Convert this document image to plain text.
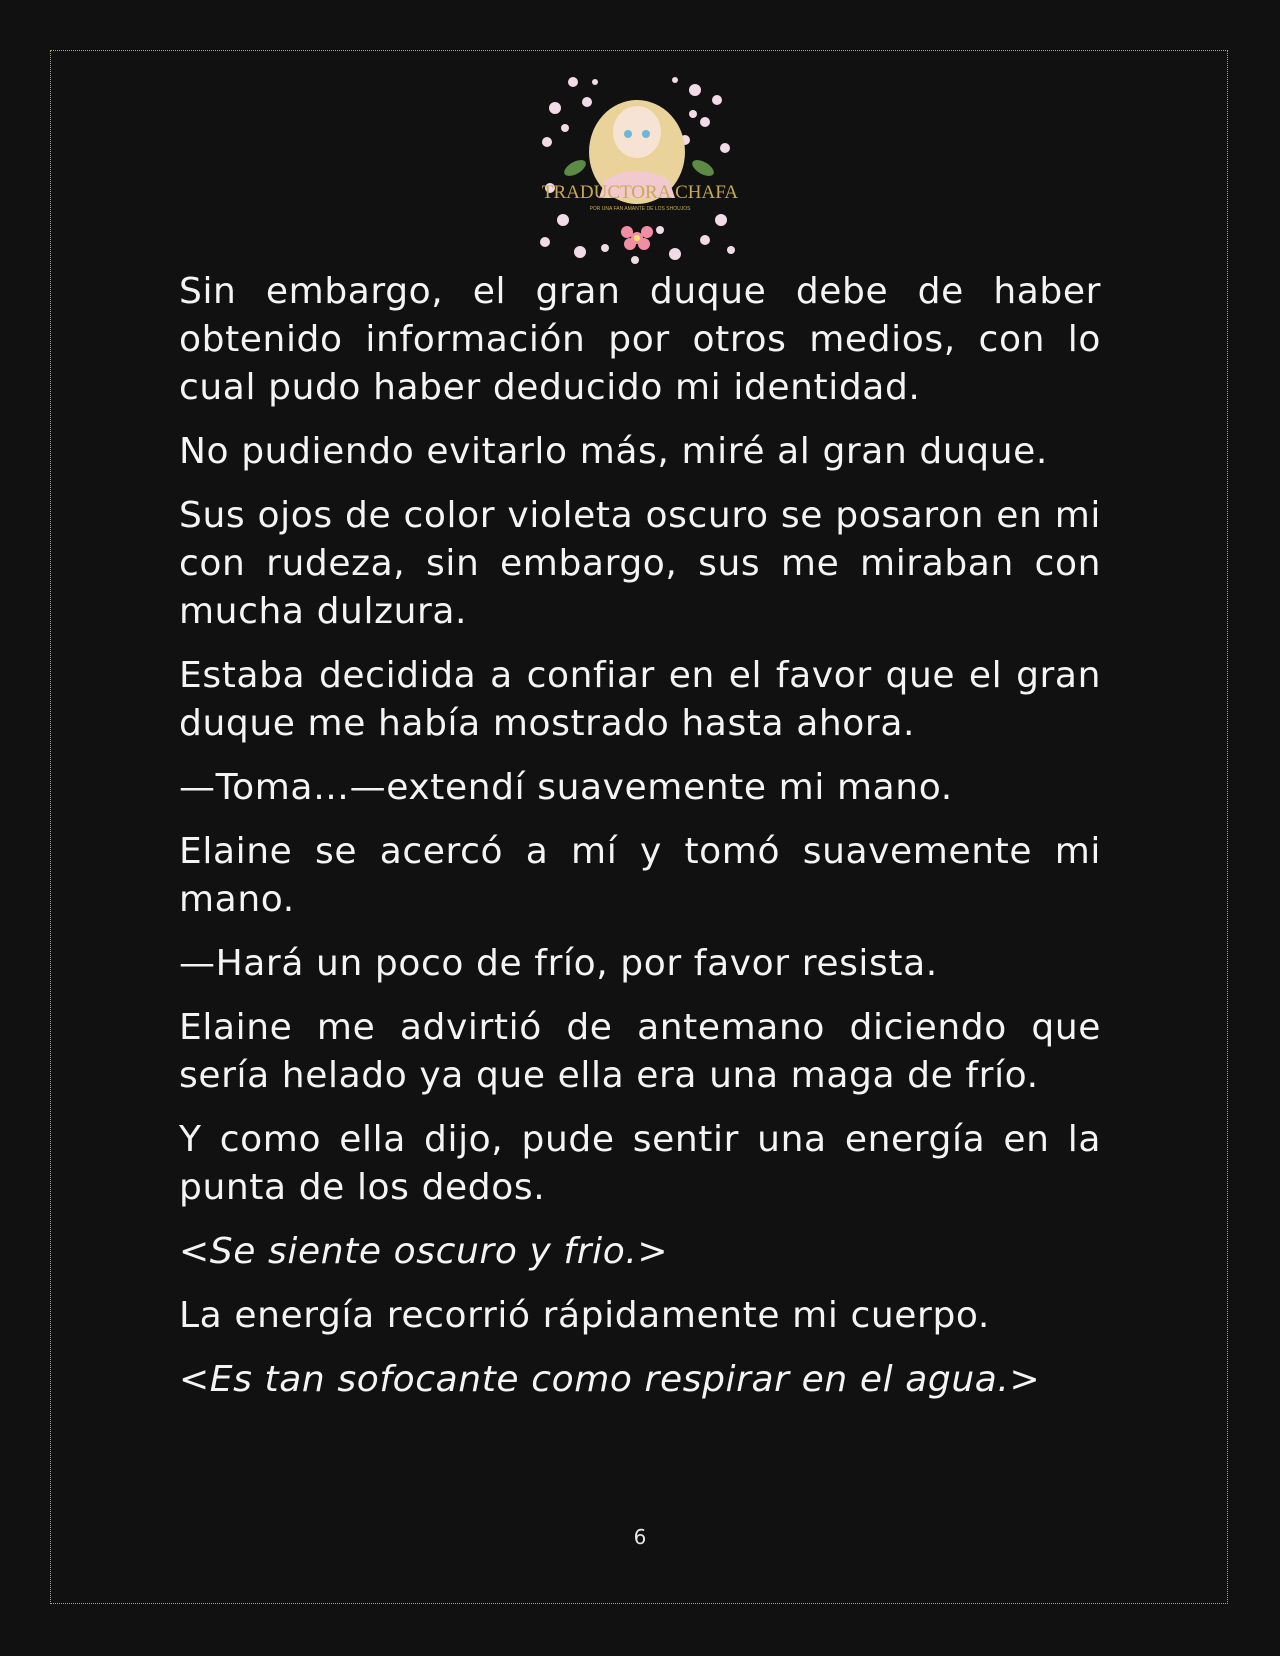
TRADUCTORA CHAFA
POR UNA FAN AMANTE DE LOS SHOUJOS

Sin embargo, el gran duque debe de haber obtenido información por otros medios, con lo cual pudo haber deducido mi identidad.

No pudiendo evitarlo más, miré al gran duque.

Sus ojos de color violeta oscuro se posaron en mi con rudeza, sin embargo, sus me miraban con mucha dulzura.

Estaba decidida a confiar en el favor que el gran duque me había mostrado hasta ahora.

—Toma…—extendí suavemente mi mano.

Elaine se acercó a mí y tomó suavemente mi mano.

—Hará un poco de frío, por favor resista.

Elaine me advirtió de antemano diciendo que sería helado ya que ella era una maga de frío.

Y como ella dijo, pude sentir una energía en la punta de los dedos.

<Se siente oscuro y frio.>

La energía recorrió rápidamente mi cuerpo.

<Es tan sofocante como respirar en el agua.>

6
